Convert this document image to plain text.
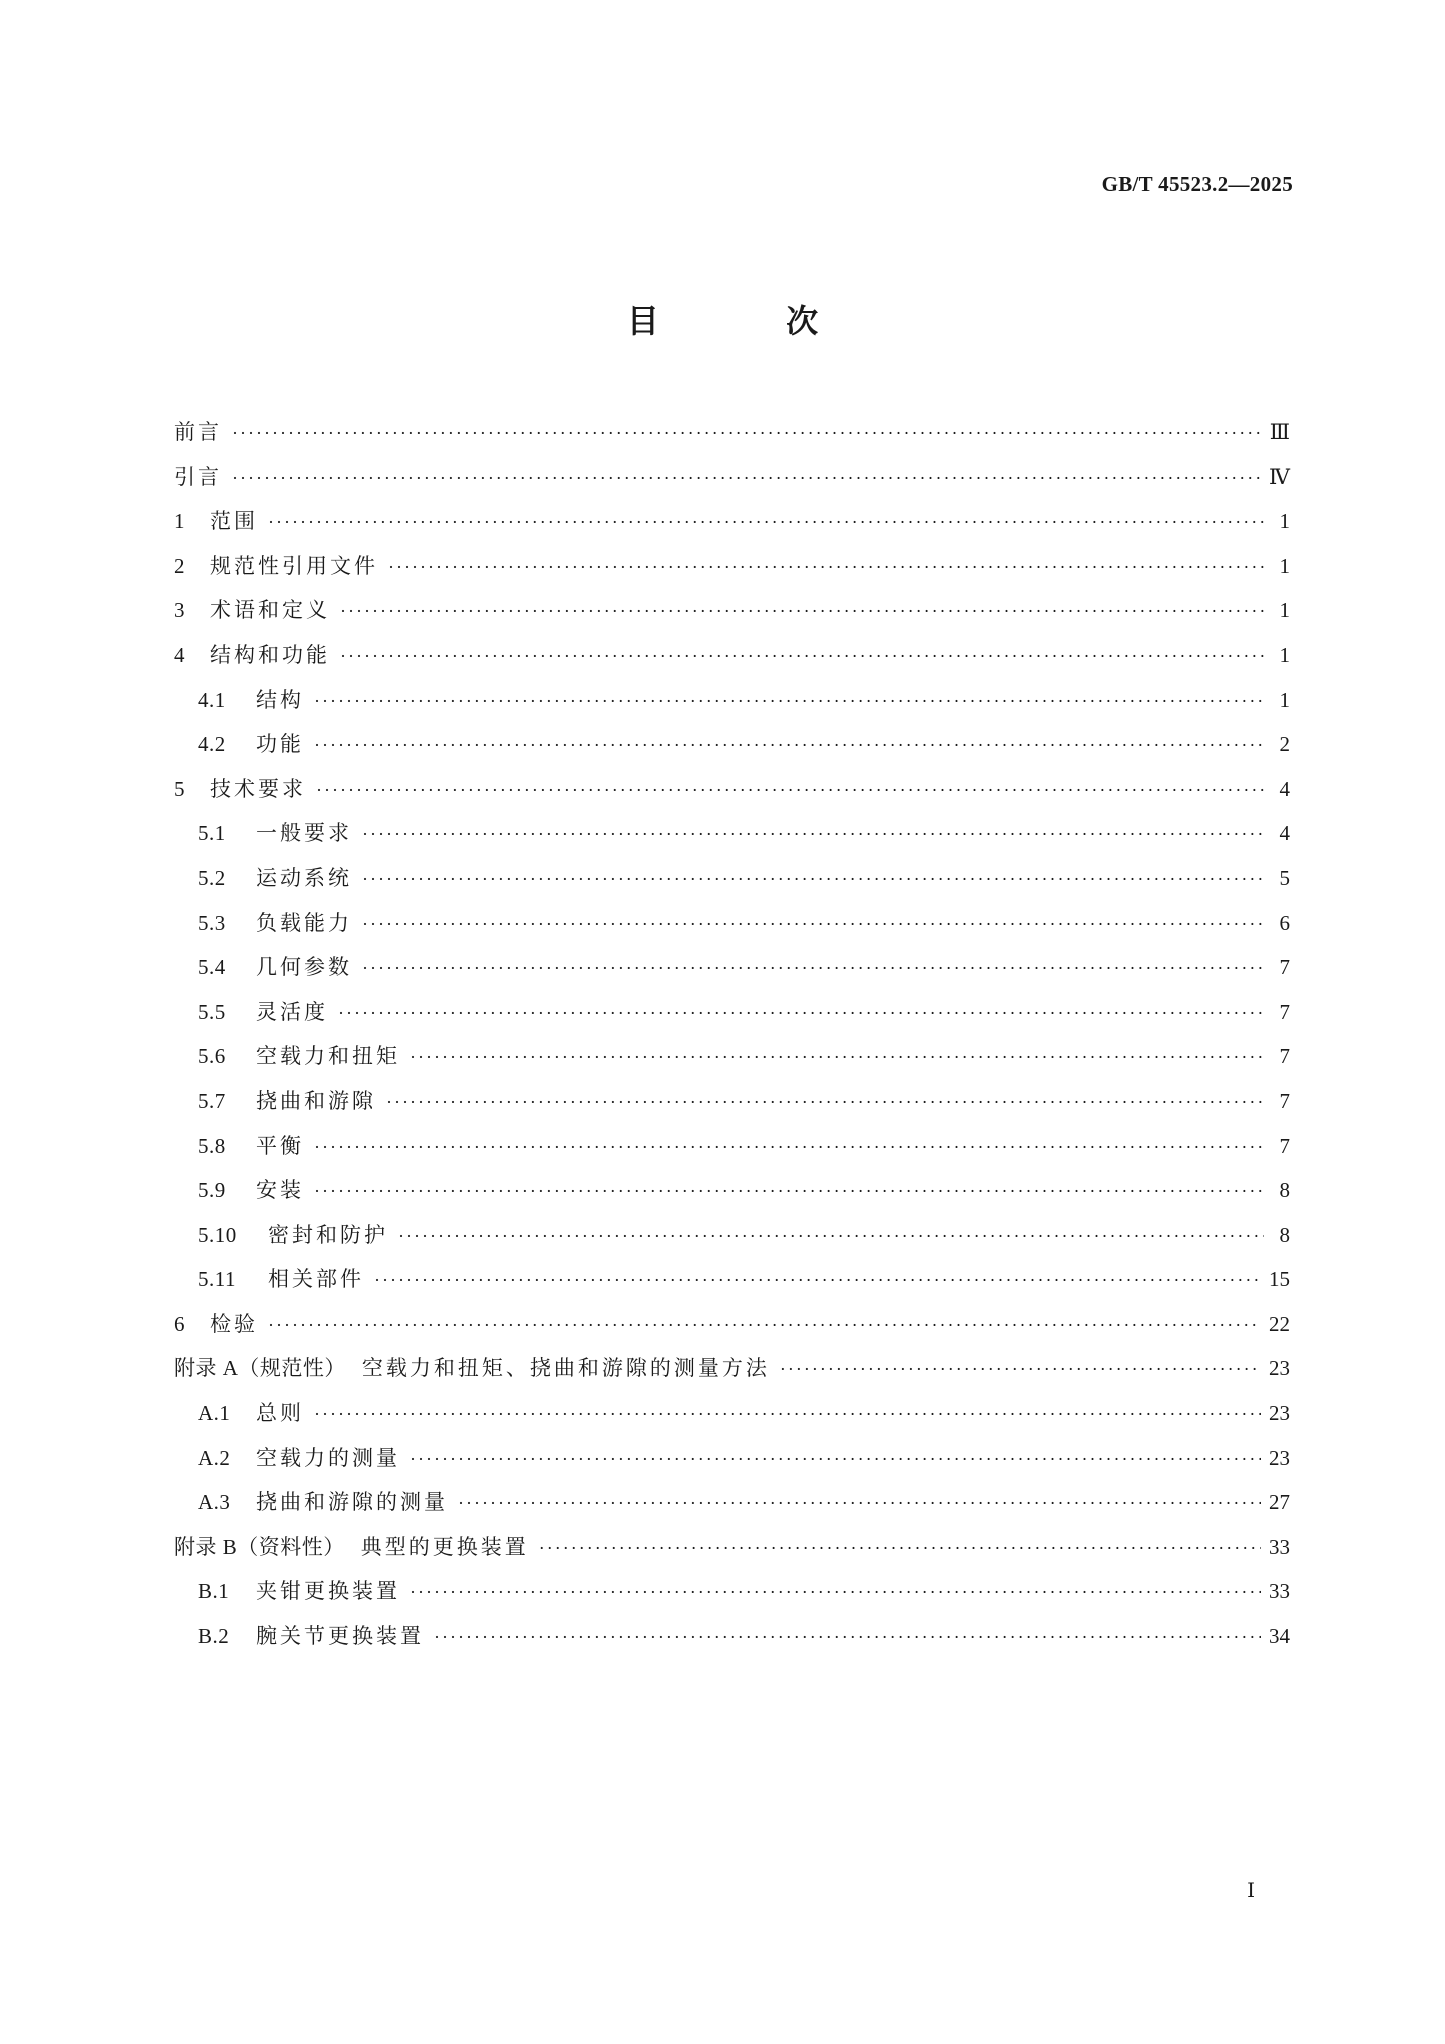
GB/T 45523.2—2025
目 次
前言 ·····	Ⅲ
引言 ·····	Ⅳ
1	范围 ·····	1
2	规范性引用文件 ·····	1
3	术语和定义 ·····	1
4	结构和功能 ·····	1
4.1	结构 ·····	1
4.2	功能 ·····	2
5	技术要求 ·····	4
5.1	一般要求 ·····	4
5.2	运动系统 ·····	5
5.3	负载能力 ·····	6
5.4	几何参数 ·····	7
5.5	灵活度 ·····	7
5.6	空载力和扭矩 ·····	7
5.7	挠曲和游隙 ·····	7
5.8	平衡 ·····	7
5.9	安装 ·····	8
5.10	密封和防护 ·····	8
5.11	相关部件 ·····	15
6	检验 ·····	22
附录 A（规范性） 空载力和扭矩、挠曲和游隙的测量方法 ·····	23
A.1	总则 ·····	23
A.2	空载力的测量 ·····	23
A.3	挠曲和游隙的测量 ·····	27
附录 B（资料性） 典型的更换装置 ·····	33
B.1	夹钳更换装置 ·····	33
B.2	腕关节更换装置 ·····	34
Ⅰ
